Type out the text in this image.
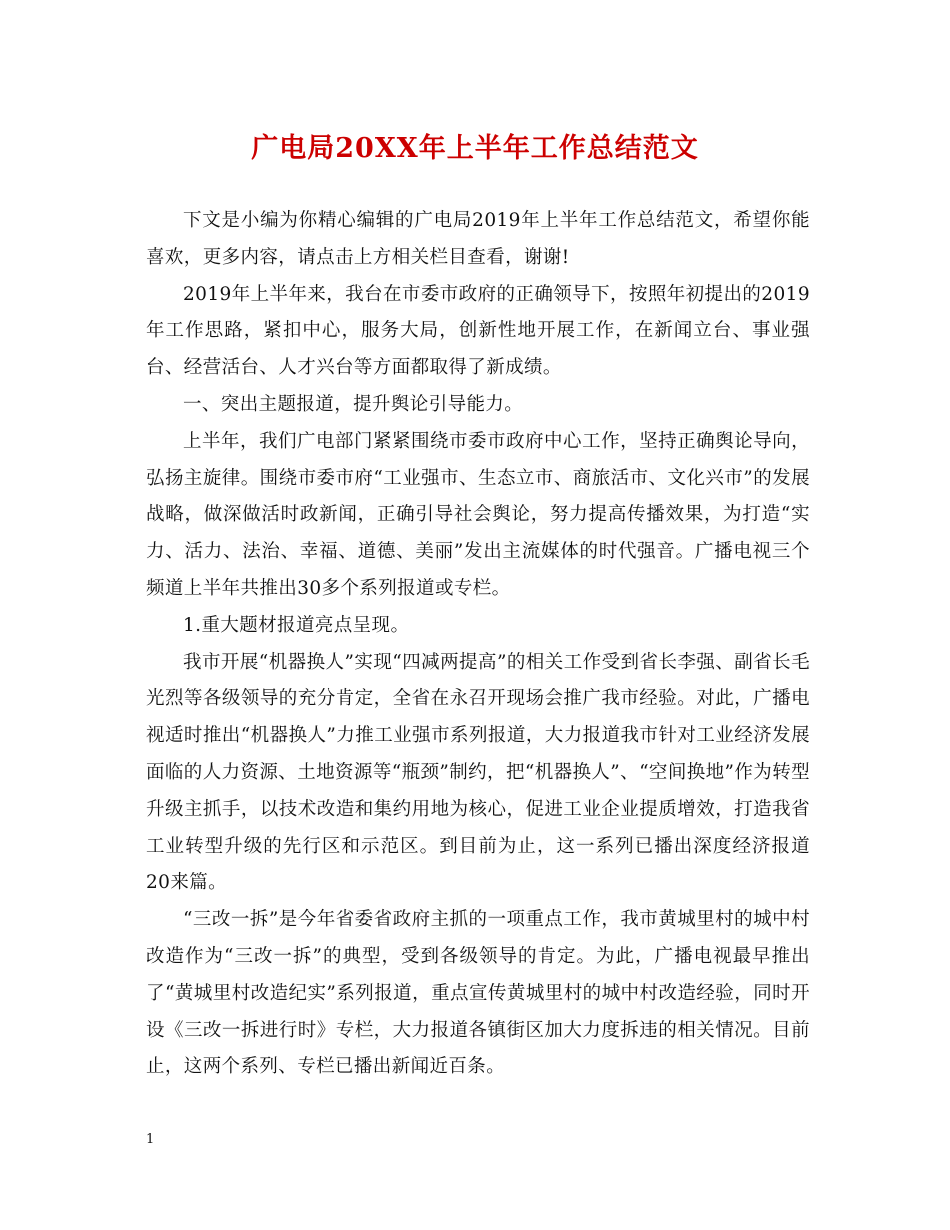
广电局20XX年上半年工作总结范文

下文是小编为你精心编辑的广电局2019年上半年工作总结范文，希望你能喜欢，更多内容，请点击上方相关栏目查看，谢谢!

2019年上半年来，我台在市委市政府的正确领导下，按照年初提出的2019年工作思路，紧扣中心，服务大局，创新性地开展工作，在新闻立台、事业强台、经营活台、人才兴台等方面都取得了新成绩。

一、突出主题报道，提升舆论引导能力。

上半年，我们广电部门紧紧围绕市委市政府中心工作，坚持正确舆论导向，弘扬主旋律。围绕市委市府“工业强市、生态立市、商旅活市、文化兴市”的发展战略，做深做活时政新闻，正确引导社会舆论，努力提高传播效果，为打造“实力、活力、法治、幸福、道德、美丽”发出主流媒体的时代强音。广播电视三个频道上半年共推出30多个系列报道或专栏。

1.重大题材报道亮点呈现。

我市开展“机器换人”实现“四减两提高”的相关工作受到省长李强、副省长毛光烈等各级领导的充分肯定，全省在永召开现场会推广我市经验。对此，广播电视适时推出“机器换人”力推工业强市系列报道，大力报道我市针对工业经济发展面临的人力资源、土地资源等“瓶颈”制约，把“机器换人”、“空间换地”作为转型升级主抓手，以技术改造和集约用地为核心，促进工业企业提质增效，打造我省工业转型升级的先行区和示范区。到目前为止，这一系列已播出深度经济报道20来篇。

“三改一拆”是今年省委省政府主抓的一项重点工作，我市黄城里村的城中村改造作为“三改一拆”的典型，受到各级领导的肯定。为此，广播电视最早推出了“黄城里村改造纪实”系列报道，重点宣传黄城里村的城中村改造经验，同时开设《三改一拆进行时》专栏，大力报道各镇街区加大力度拆违的相关情况。目前止，这两个系列、专栏已播出新闻近百条。

1
